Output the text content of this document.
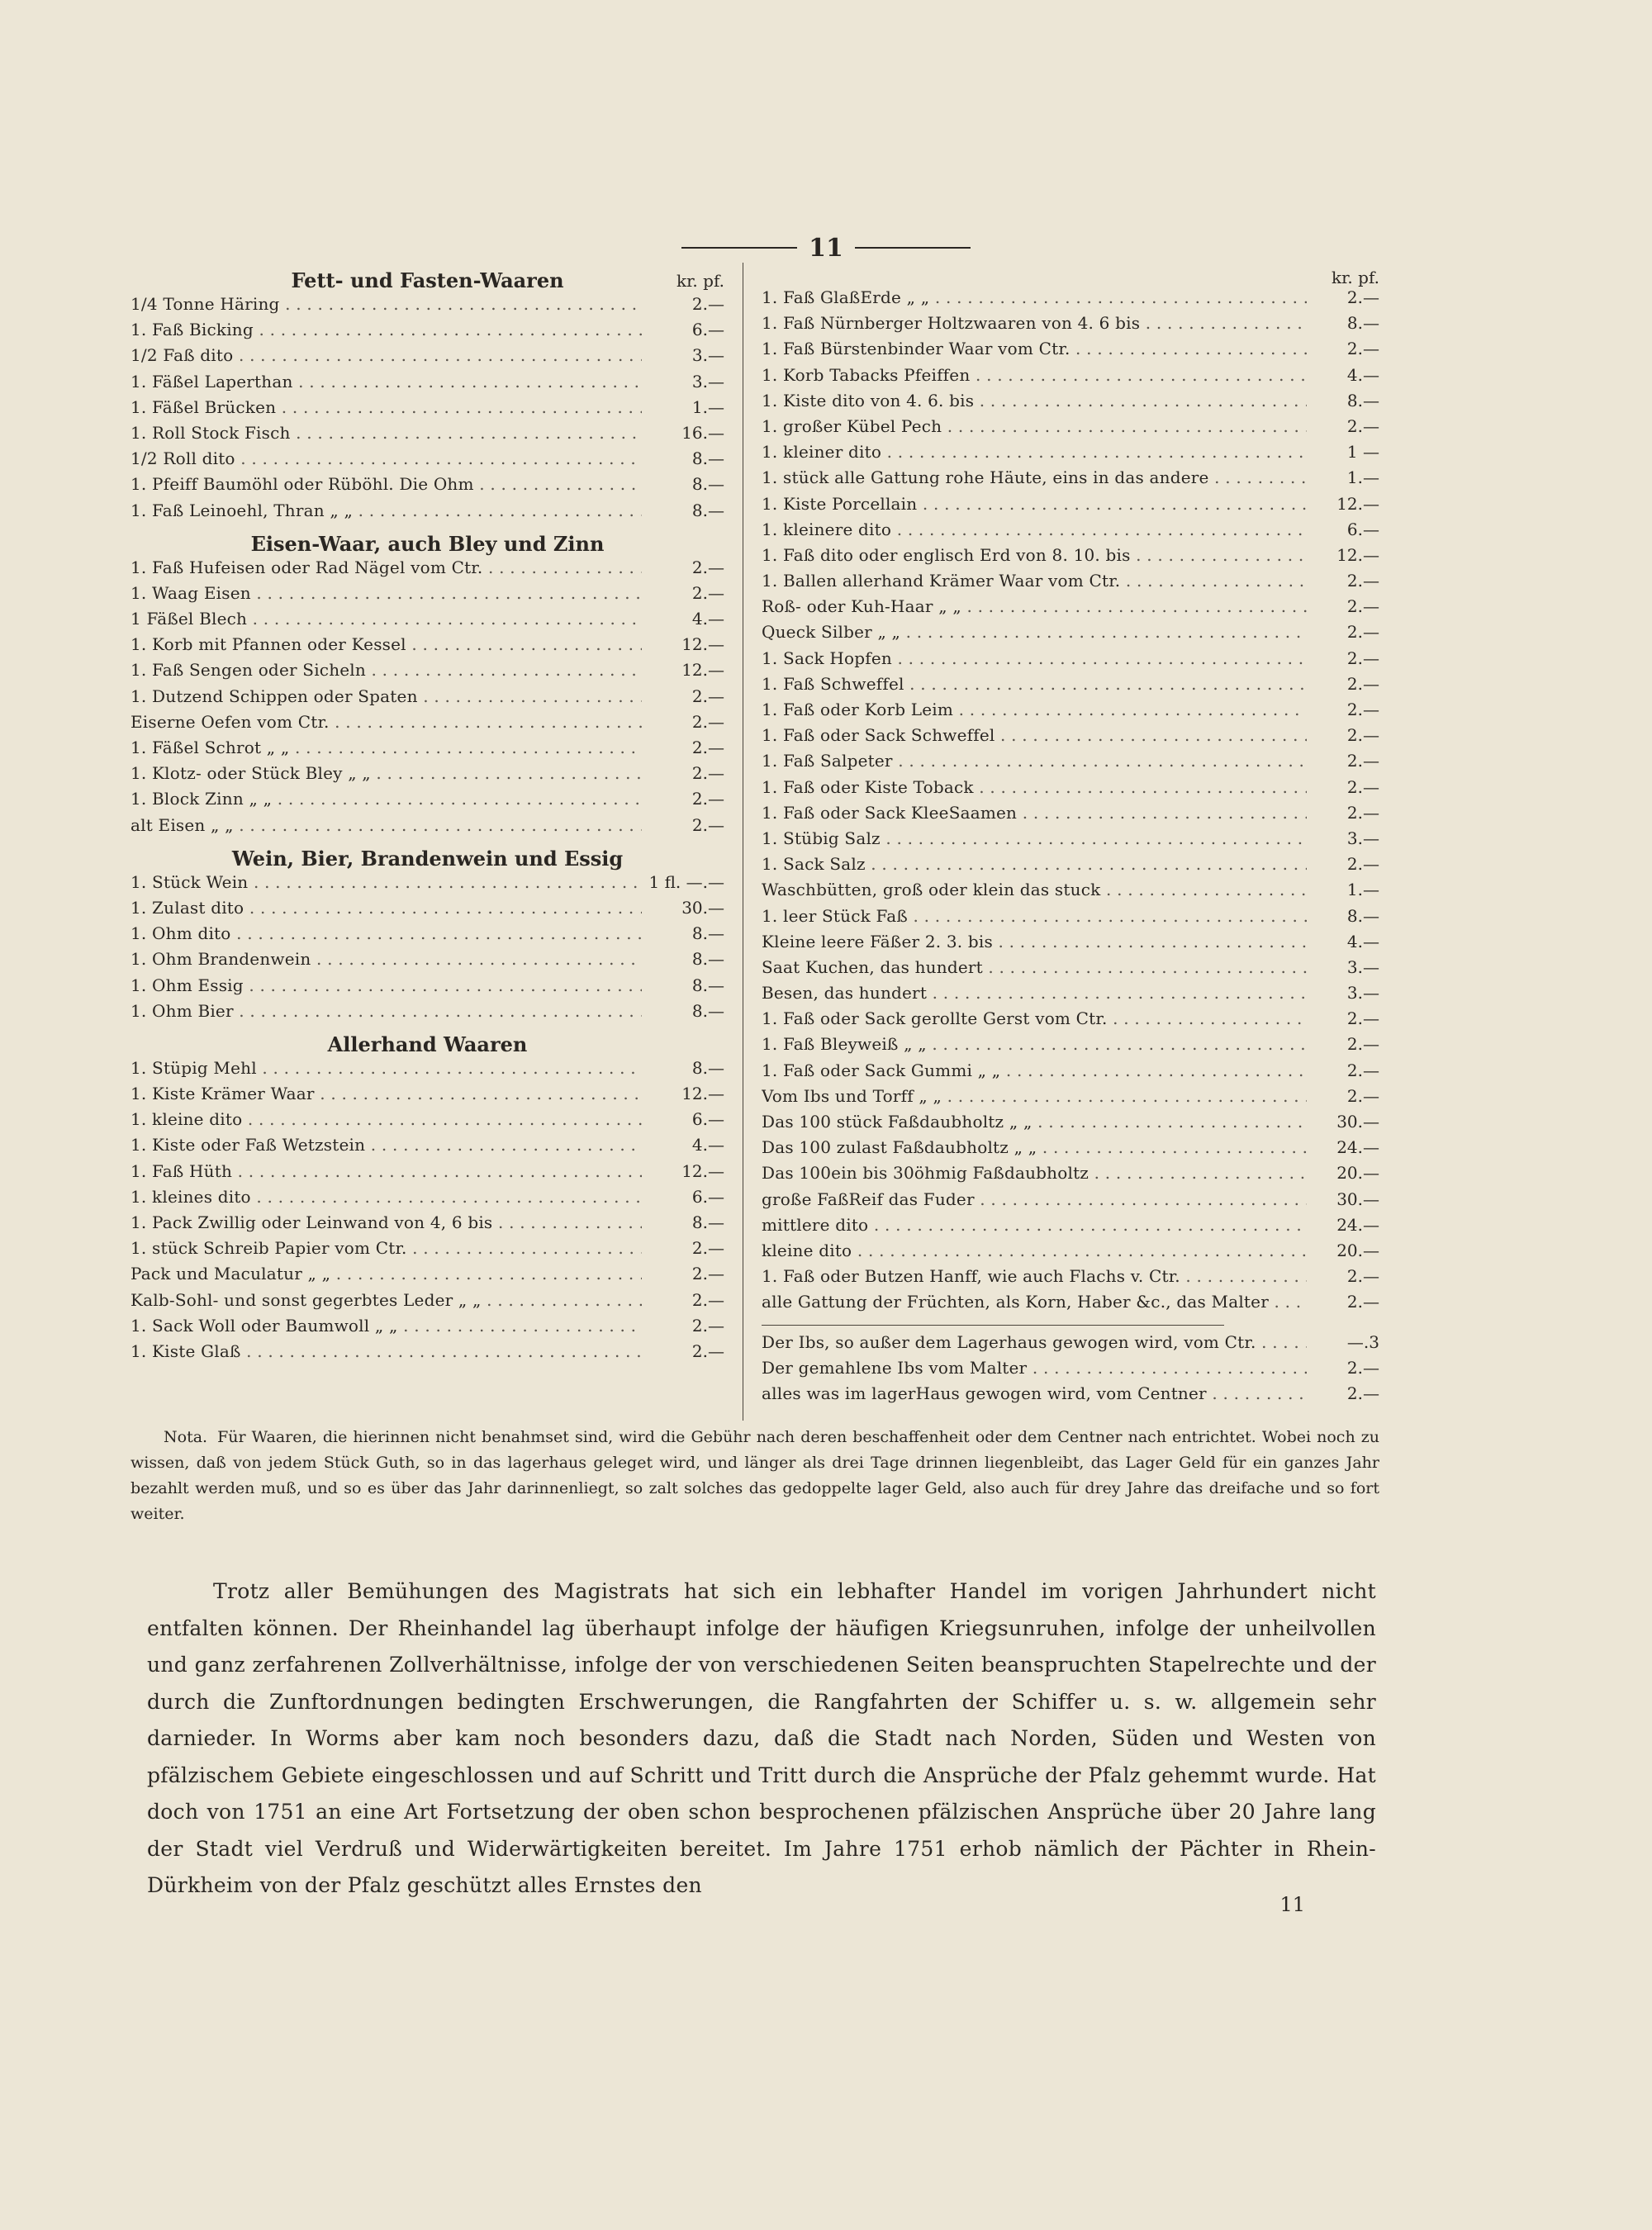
11
Fett- und Fasten-Waaren	kr. pf.
1/4 Tonne Häring . . .	2.—
1. Faß Bicking . . .	6.—
1/2 Faß dito . . .	3.—
1. Fäßel Laperthan . . .	3.—
1. Fäßel Brücken . . .	1.—
1. Roll Stock Fisch . . .	16.—
1/2 Roll dito . . .	8.—
1. Pfeiff Baumöhl oder Rüböhl. Die Ohm . . .	8.—
1. Faß Leinoehl, Thran „ „ . . .	8.—
Eisen-Waar, auch Bley und Zinn
1. Faß Hufeisen oder Rad Nägel vom Ctr. . . .	2.—
1. Waag Eisen . . .	2.—
1 Fäßel Blech . . .	4.—
1. Korb mit Pfannen oder Kessel . . .	12.—
1. Faß Sengen oder Sicheln . . .	12.—
1. Dutzend Schippen oder Spaten . . .	2.—
Eiserne Oefen vom Ctr. . . .	2.—
1. Fäßel Schrot „ „ . . .	2.—
1. Klotz- oder Stück Bley „ „ . . .	2.—
1. Block Zinn „ „ . . .	2.—
alt Eisen „ „ . . .	2.—
Wein, Bier, Brandenwein und Essig
1. Stück Wein . . .	1 fl. —.—
1. Zulast dito . . .	30.—
1. Ohm dito . . .	8.—
1. Ohm Brandenwein . . .	8.—
1. Ohm Essig . . .	8.—
1. Ohm Bier . . .	8.—
Allerhand Waaren
1. Stüpig Mehl . . .	8.—
1. Kiste Krämer Waar . . .	12.—
1. kleine dito . . .	6.—
1. Kiste oder Faß Wetzstein . . .	4.—
1. Faß Hüth . . .	12.—
1. kleines dito . . .	6.—
1. Pack Zwillig oder Leinwand von 4, 6 bis . . .	8.—
1. stück Schreib Papier vom Ctr. . . .	2.—
Pack und Maculatur „ „ . . .	2.—
Kalb-Sohl- und sonst gegerbtes Leder „ „ . . .	2.—
1. Sack Woll oder Baumwoll „ „ . . .	2.—
1. Kiste Glaß . . .	2.—
kr. pf.
1. Faß GlaßErde „ „ . . .	2.—
1. Faß Nürnberger Holtzwaaren von 4. 6 bis . . .	8.—
1. Faß Bürstenbinder Waar vom Ctr. . . .	2.—
1. Korb Tabacks Pfeiffen . . .	4.—
1. Kiste dito von 4. 6. bis . . .	8.—
1. großer Kübel Pech . . .	2.—
1. kleiner dito . . .	1 —
1. stück alle Gattung rohe Häute, eins in das andere . . .	1.—
1. Kiste Porcellain . . .	12.—
1. kleinere dito . . .	6.—
1. Faß dito oder englisch Erd von 8. 10. bis . . .	12.—
1. Ballen allerhand Krämer Waar vom Ctr. . . .	2.—
Roß- oder Kuh-Haar „ „ . . .	2.—
Queck Silber „ „ . . .	2.—
1. Sack Hopfen . . .	2.—
1. Faß Schweffel . . .	2.—
1. Faß oder Korb Leim . . .	2.—
1. Faß oder Sack Schweffel . . .	2.—
1. Faß Salpeter . . .	2.—
1. Faß oder Kiste Toback . . .	2.—
1. Faß oder Sack KleeSaamen . . .	2.—
1. Stübig Salz . . .	3.—
1. Sack Salz . . .	2.—
Waschbütten, groß oder klein das stuck . . .	1.—
1. leer Stück Faß . . .	8.—
Kleine leere Fäßer 2. 3. bis . . .	4.—
Saat Kuchen, das hundert . . .	3.—
Besen, das hundert . . .	3.—
1. Faß oder Sack gerollte Gerst vom Ctr. . . .	2.—
1. Faß Bleyweiß „ „ . . .	2.—
1. Faß oder Sack Gummi „ „ . . .	2.—
Vom Ibs und Torff „ „ . . .	2.—
Das 100 stück Faßdaubholtz „ „ . . .	30.—
Das 100 zulast Faßdaubholtz „ „ . . .	24.—
Das 100ein bis 30öhmig Faßdaubholtz . . .	20.—
große FaßReif das Fuder . . .	30.—
mittlere dito . . .	24.—
kleine dito . . .	20.—
1. Faß oder Butzen Hanff, wie auch Flachs v. Ctr. . . .	2.—
alle Gattung der Früchten, als Korn, Haber &c., das Malter . . .	2.—
Der Ibs, so außer dem Lagerhaus gewogen wird, vom Ctr. . . .	—.3
Der gemahlene Ibs vom Malter . . .	2.—
alles was im lagerHaus gewogen wird, vom Centner . . .	2.—
Nota. Für Waaren, die hierinnen nicht benahmset sind, wird die Gebühr nach deren beschaffenheit oder dem Centner nach entrichtet. Wobei noch zu wissen, daß von jedem Stück Guth, so in das lagerhaus geleget wird, und länger als drei Tage drinnen liegenbleibt, das Lager Geld für ein ganzes Jahr bezahlt werden muß, und so es über das Jahr darinnenliegt, so zalt solches das gedoppelte lager Geld, also auch für drey Jahre das dreifache und so fort weiter.
Trotz aller Bemühungen des Magistrats hat sich ein lebhafter Handel im vorigen Jahrhundert nicht entfalten können. Der Rheinhandel lag überhaupt infolge der häufigen Kriegsunruhen, infolge der unheilvollen und ganz zerfahrenen Zollverhältnisse, infolge der von verschiedenen Seiten beanspruchten Stapelrechte und der durch die Zunftordnungen bedingten Erschwerungen, die Rangfahrten der Schiffer u. s. w. allgemein sehr darnieder. In Worms aber kam noch besonders dazu, daß die Stadt nach Norden, Süden und Westen von pfälzischem Gebiete eingeschlossen und auf Schritt und Tritt durch die Ansprüche der Pfalz gehemmt wurde. Hat doch von 1751 an eine Art Fortsetzung der oben schon besprochenen pfälzischen Ansprüche über 20 Jahre lang der Stadt viel Verdruß und Widerwärtigkeiten bereitet. Im Jahre 1751 erhob nämlich der Pächter in Rhein-Dürkheim von der Pfalz geschützt alles Ernstes den
11
